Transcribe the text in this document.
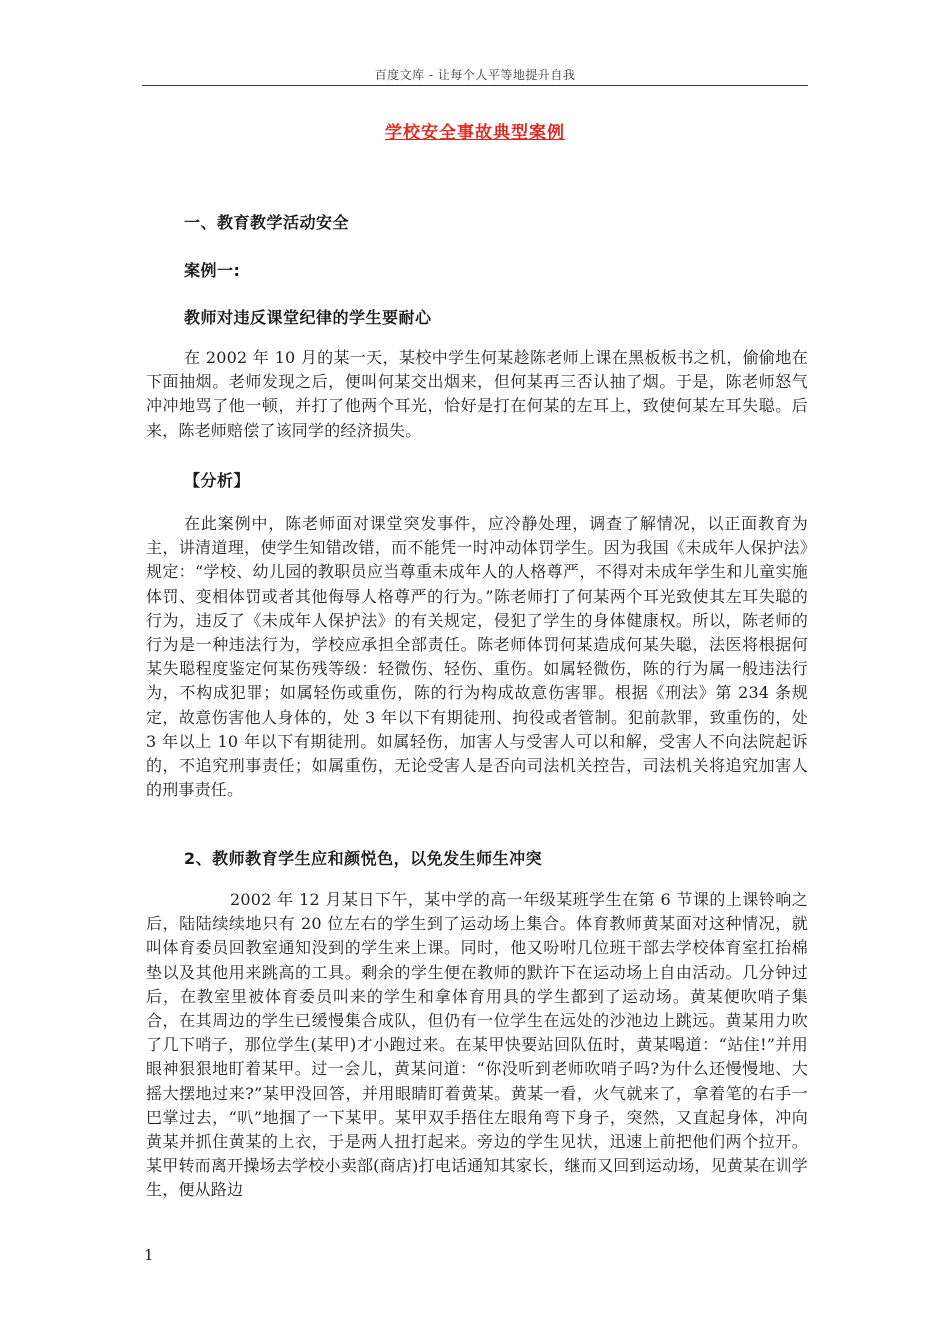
百度文库 - 让每个人平等地提升自我
学校安全事故典型案例
一、教育教学活动安全
案例一:
教师对违反课堂纪律的学生要耐心

在 2002 年 10 月的某一天，某校中学生何某趁陈老师上课在黑板板书之机，偷偷地在下面抽烟。老师发现之后，便叫何某交出烟来，但何某再三否认抽了烟。于是，陈老师怒气冲冲地骂了他一顿，并打了他两个耳光，恰好是打在何某的左耳上，致使何某左耳失聪。后来，陈老师赔偿了该同学的经济损失。

【分析】

在此案例中，陈老师面对课堂突发事件，应冷静处理，调查了解情况，以正面教育为主，讲清道理，使学生知错改错，而不能凭一时冲动体罚学生。因为我国《未成年人保护法》规定：“学校、幼儿园的教职员应当尊重未成年人的人格尊严，不得对未成年学生和儿童实施体罚、变相体罚或者其他侮辱人格尊严的行为。”陈老师打了何某两个耳光致使其左耳失聪的行为，违反了《未成年人保护法》的有关规定，侵犯了学生的身体健康权。所以，陈老师的行为是一种违法行为，学校应承担全部责任。陈老师体罚何某造成何某失聪，法医将根据何某失聪程度鉴定何某伤残等级：轻微伤、轻伤、重伤。如属轻微伤，陈的行为属一般违法行为，不构成犯罪；如属轻伤或重伤，陈的行为构成故意伤害罪。根据《刑法》第 234 条规定，故意伤害他人身体的，处 3 年以下有期徒刑、拘役或者管制。犯前款罪，致重伤的，处 3 年以上 10 年以下有期徒刑。如属轻伤，加害人与受害人可以和解，受害人不向法院起诉的，不追究刑事责任；如属重伤，无论受害人是否向司法机关控告，司法机关将追究加害人的刑事责任。

2、教师教育学生应和颜悦色，以免发生师生冲突

2002 年 12 月某日下午，某中学的高一年级某班学生在第 6 节课的上课铃响之后，陆陆续续地只有 20 位左右的学生到了运动场上集合。体育教师黄某面对这种情况，就叫体育委员回教室通知没到的学生来上课。同时，他又吩咐几位班干部去学校体育室扛抬棉垫以及其他用来跳高的工具。剩余的学生便在教师的默许下在运动场上自由活动。几分钟过后，在教室里被体育委员叫来的学生和拿体育用具的学生都到了运动场。黄某便吹哨子集合，在其周边的学生已缓慢集合成队，但仍有一位学生在远处的沙池边上跳远。黄某用力吹了几下哨子，那位学生(某甲)才小跑过来。在某甲快要站回队伍时，黄某喝道：“站住!”并用眼神狠狠地盯着某甲。过一会儿，黄某问道：“你没听到老师吹哨子吗?为什么还慢慢地、大摇大摆地过来?”某甲没回答，并用眼睛盯着黄某。黄某一看，火气就来了，拿着笔的右手一巴掌过去，“叭”地掴了一下某甲。某甲双手捂住左眼角弯下身子，突然，又直起身体，冲向黄某并抓住黄某的上衣，于是两人扭打起来。旁边的学生见状，迅速上前把他们两个拉开。某甲转而离开操场去学校小卖部(商店)打电话通知其家长，继而又回到运动场，见黄某在训学生，便从路边

1
